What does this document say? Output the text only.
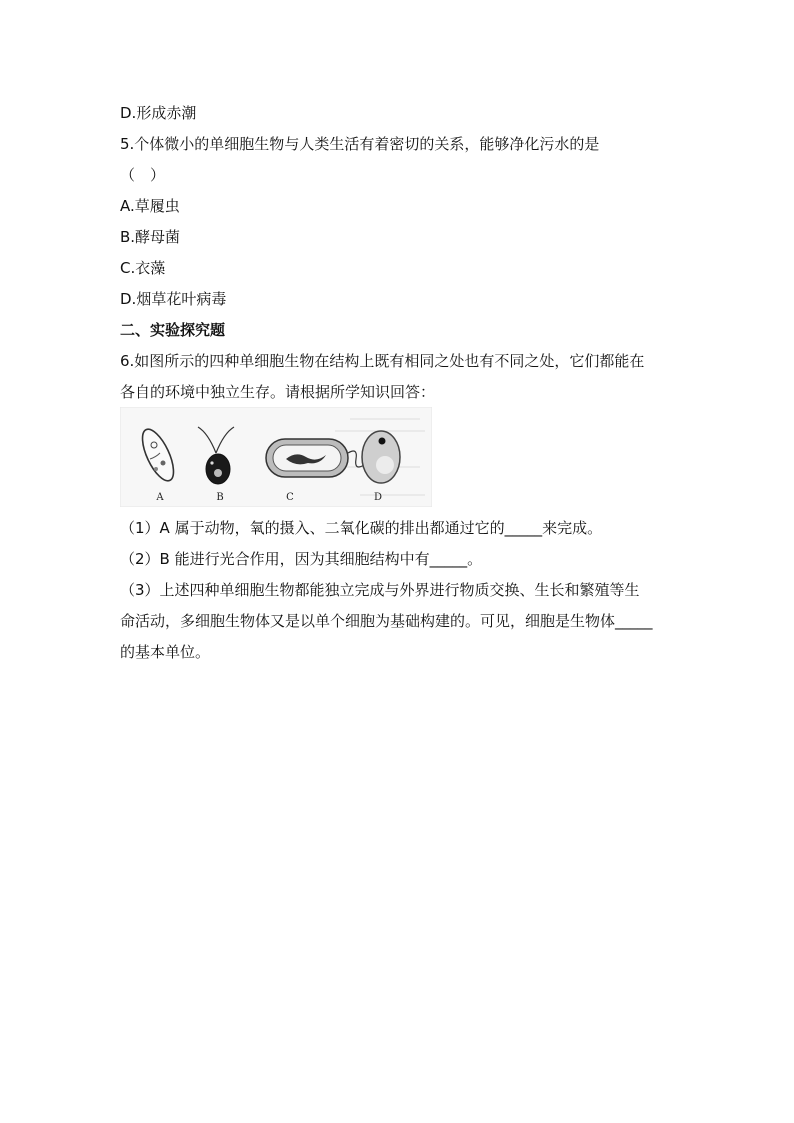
D.形成赤潮
5.个体微小的单细胞生物与人类生活有着密切的关系，能够净化污水的是
（　）
A.草履虫
B.酵母菌
C.衣藻
D.烟草花叶病毒
二、实验探究题
6.如图所示的四种单细胞生物在结构上既有相同之处也有不同之处，它们都能在
各自的环境中独立生存。请根据所学知识回答：
A	B	C	D
（1）A 属于动物，氧的摄入、二氧化碳的排出都通过它的_____来完成。
（2）B 能进行光合作用，因为其细胞结构中有_____。
（3）上述四种单细胞生物都能独立完成与外界进行物质交换、生长和繁殖等生
命活动，多细胞生物体又是以单个细胞为基础构建的。可见，细胞是生物体_____
的基本单位。
